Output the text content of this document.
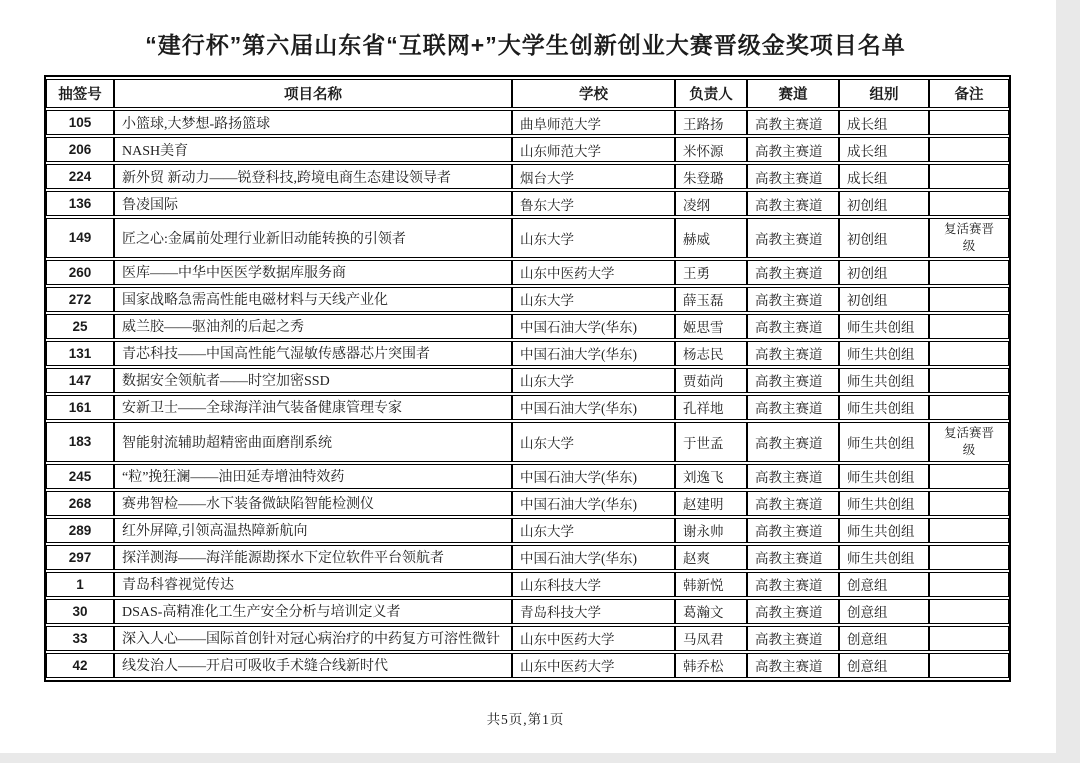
“建行杯”第六届山东省“互联网+”大学生创新创业大赛晋级金奖项目名单
抽签号	项目名称	学校	负责人	赛道	组别	备注
105	小篮球,大梦想-路扬篮球	曲阜师范大学	王路扬	高教主赛道	成长组	
206	NASH美育	山东师范大学	米怀源	高教主赛道	成长组	
224	新外贸 新动力——锐登科技,跨境电商生态建设领导者	烟台大学	朱登璐	高教主赛道	成长组	
136	鲁凌国际	鲁东大学	凌纲	高教主赛道	初创组	
149	匠之心:金属前处理行业新旧动能转换的引领者	山东大学	赫威	高教主赛道	初创组	复活赛晋级
260	医库——中华中医医学数据库服务商	山东中医药大学	王勇	高教主赛道	初创组	
272	国家战略急需高性能电磁材料与天线产业化	山东大学	薛玉磊	高教主赛道	初创组	
25	威兰胶——驱油剂的后起之秀	中国石油大学(华东)	姬思雪	高教主赛道	师生共创组	
131	青芯科技——中国高性能气湿敏传感器芯片突围者	中国石油大学(华东)	杨志民	高教主赛道	师生共创组	
147	数据安全领航者——时空加密SSD	山东大学	贾茹尚	高教主赛道	师生共创组	
161	安新卫士——全球海洋油气装备健康管理专家	中国石油大学(华东)	孔祥地	高教主赛道	师生共创组	
183	智能射流辅助超精密曲面磨削系统	山东大学	于世孟	高教主赛道	师生共创组	复活赛晋级
245	“粒”挽狂澜——油田延寿增油特效药	中国石油大学(华东)	刘逸飞	高教主赛道	师生共创组	
268	赛弗智检——水下装备微缺陷智能检测仪	中国石油大学(华东)	赵建明	高教主赛道	师生共创组	
289	红外屏障,引领高温热障新航向	山东大学	谢永帅	高教主赛道	师生共创组	
297	探洋测海——海洋能源勘探水下定位软件平台领航者	中国石油大学(华东)	赵爽	高教主赛道	师生共创组	
1	青岛科睿视觉传达	山东科技大学	韩新悦	高教主赛道	创意组	
30	DSAS-高精准化工生产安全分析与培训定义者	青岛科技大学	葛瀚文	高教主赛道	创意组	
33	深入人心——国际首创针对冠心病治疗的中药复方可溶性微针	山东中医药大学	马凤君	高教主赛道	创意组	
42	线发治人——开启可吸收手术缝合线新时代	山东中医药大学	韩乔松	高教主赛道	创意组	
共5页,第1页
